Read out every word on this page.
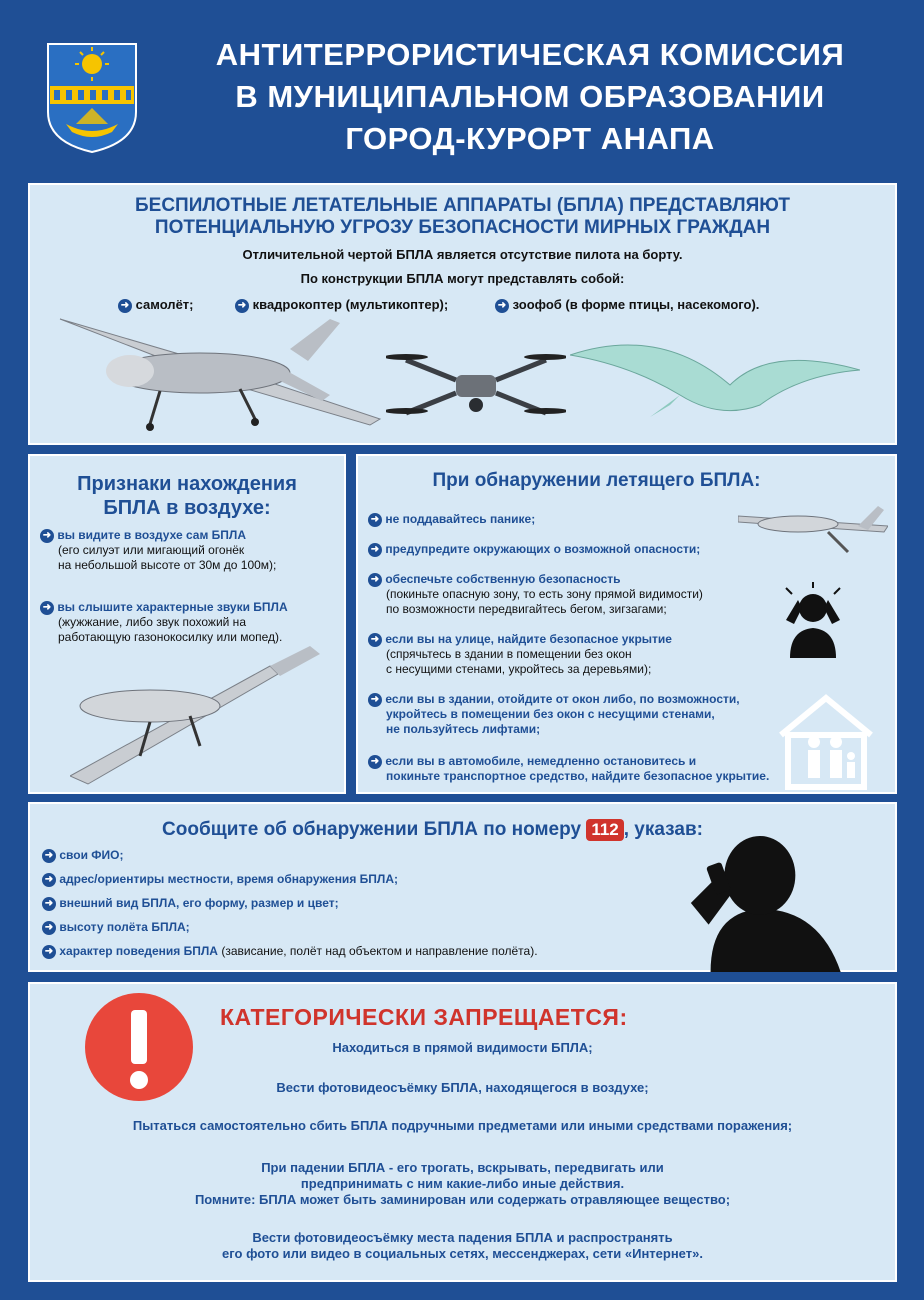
АНТИТЕРРОРИСТИЧЕСКАЯ КОМИССИЯ
В МУНИЦИПАЛЬНОМ ОБРАЗОВАНИИ
ГОРОД-КУРОРТ АНАПА
БЕСПИЛОТНЫЕ ЛЕТАТЕЛЬНЫЕ АППАРАТЫ (БПЛА) ПРЕДСТАВЛЯЮТ
ПОТЕНЦИАЛЬНУЮ УГРОЗУ БЕЗОПАСНОСТИ МИРНЫХ ГРАЖДАН
Отличительной чертой БПЛА является отсутствие пилота на борту.
По конструкции БПЛА могут представлять собой:
➜ самолёт;	➜ квадрокоптер (мультикоптер);	➜ зоофоб (в форме птицы, насекомого).
Признаки нахождения
БПЛА в воздухе:
➜ вы видите в воздухе сам БПЛА
(его силуэт или мигающий огонёк
на небольшой высоте от 30м до 100м);
➜ вы слышите характерные звуки БПЛА
(жужжание, либо звук похожий на
работающую газонокосилку или мопед).
При обнаружении летящего БПЛА:
➜ не поддавайтесь панике;
➜ предупредите окружающих о возможной опасности;
➜ обеспечьте собственную безопасность
(покиньте опасную зону, то есть зону прямой видимости)
по возможности передвигайтесь бегом, зигзагами;
➜ если вы на улице, найдите безопасное укрытие
(спрячьтесь в здании в помещении без окон
с несущими стенами, укройтесь за деревьями);
➜ если вы в здании, отойдите от окон либо, по возможности,
укройтесь в помещении без окон с несущими стенами,
не пользуйтесь лифтами;
➜ если вы в автомобиле, немедленно остановитесь и
покиньте транспортное средство, найдите безопасное укрытие.
Сообщите об обнаружении БПЛА по номеру 112 , указав:
➜ свои ФИО;
➜ адрес/ориентиры местности, время обнаружения БПЛА;
➜ внешний вид БПЛА, его форму, размер и цвет;
➜ высоту полёта БПЛА;
➜ характер поведения БПЛА (зависание, полёт над объектом и направление полёта).
КАТЕГОРИЧЕСКИ ЗАПРЕЩАЕТСЯ:
Находиться в прямой видимости БПЛА;
Вести фотовидеосъёмку БПЛА, находящегося в воздухе;
Пытаться самостоятельно сбить БПЛА подручными предметами или иными средствами поражения;
При падении БПЛА - его трогать, вскрывать, передвигать или
предпринимать с ним какие-либо иные действия.
Помните: БПЛА может быть заминирован или содержать отравляющее вещество;
Вести фотовидеосъёмку места падения БПЛА и распространять
его фото или видео в социальных сетях, мессенджерах, сети «Интернет».
